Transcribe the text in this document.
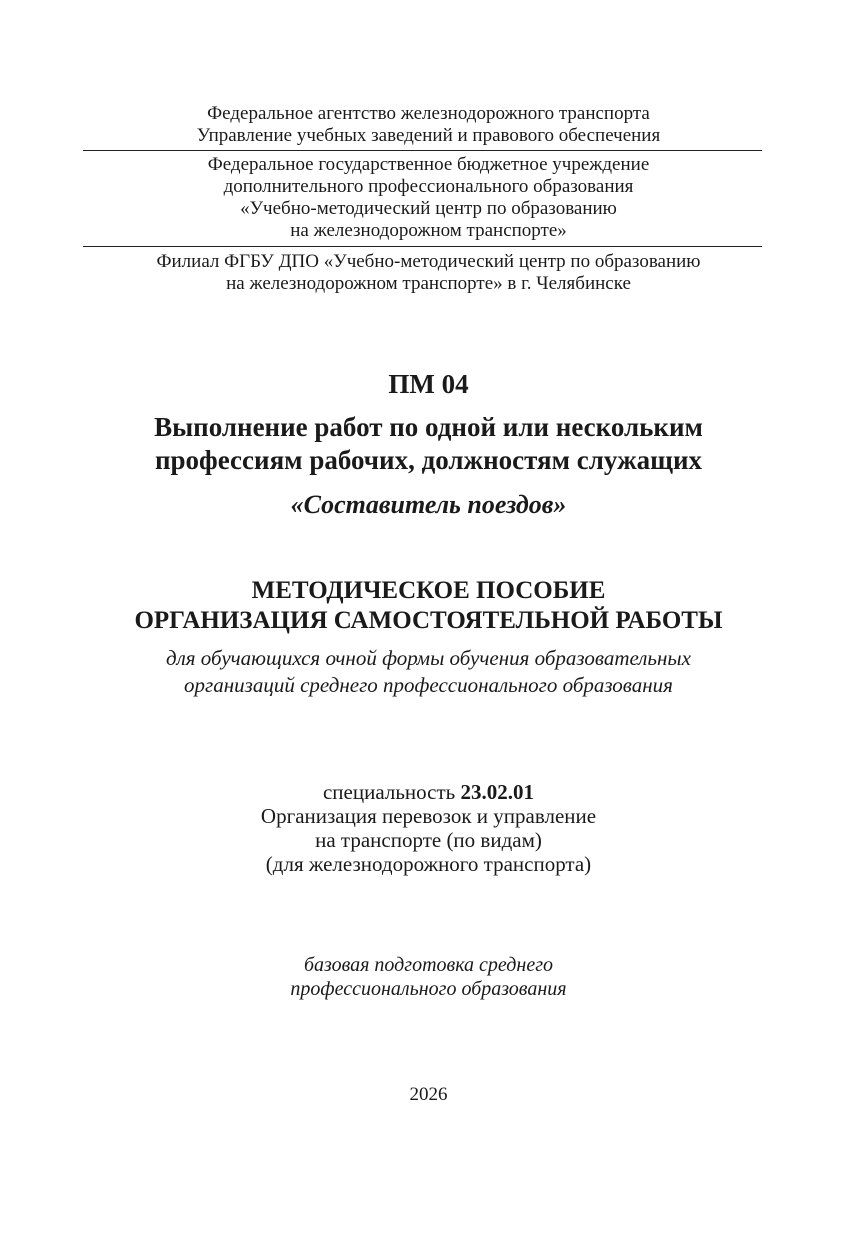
Федеральное агентство железнодорожного транспорта
Управление учебных заведений и правового обеспечения
Федеральное государственное бюджетное учреждение
дополнительного профессионального образования
«Учебно-методический центр по образованию
на железнодорожном транспорте»
Филиал ФГБУ ДПО «Учебно-методический центр по образованию
на железнодорожном транспорте» в г. Челябинске
ПМ 04
Выполнение работ по одной или нескольким
профессиям рабочих, должностям служащих
«Составитель поездов»
МЕТОДИЧЕСКОЕ ПОСОБИЕ
ОРГАНИЗАЦИЯ САМОСТОЯТЕЛЬНОЙ РАБОТЫ
для обучающихся очной формы обучения образовательных
организаций среднего профессионального образования
специальность 23.02.01
Организация перевозок и управление
на транспорте (по видам)
(для железнодорожного транспорта)
базовая подготовка среднего
профессионального образования
2026
